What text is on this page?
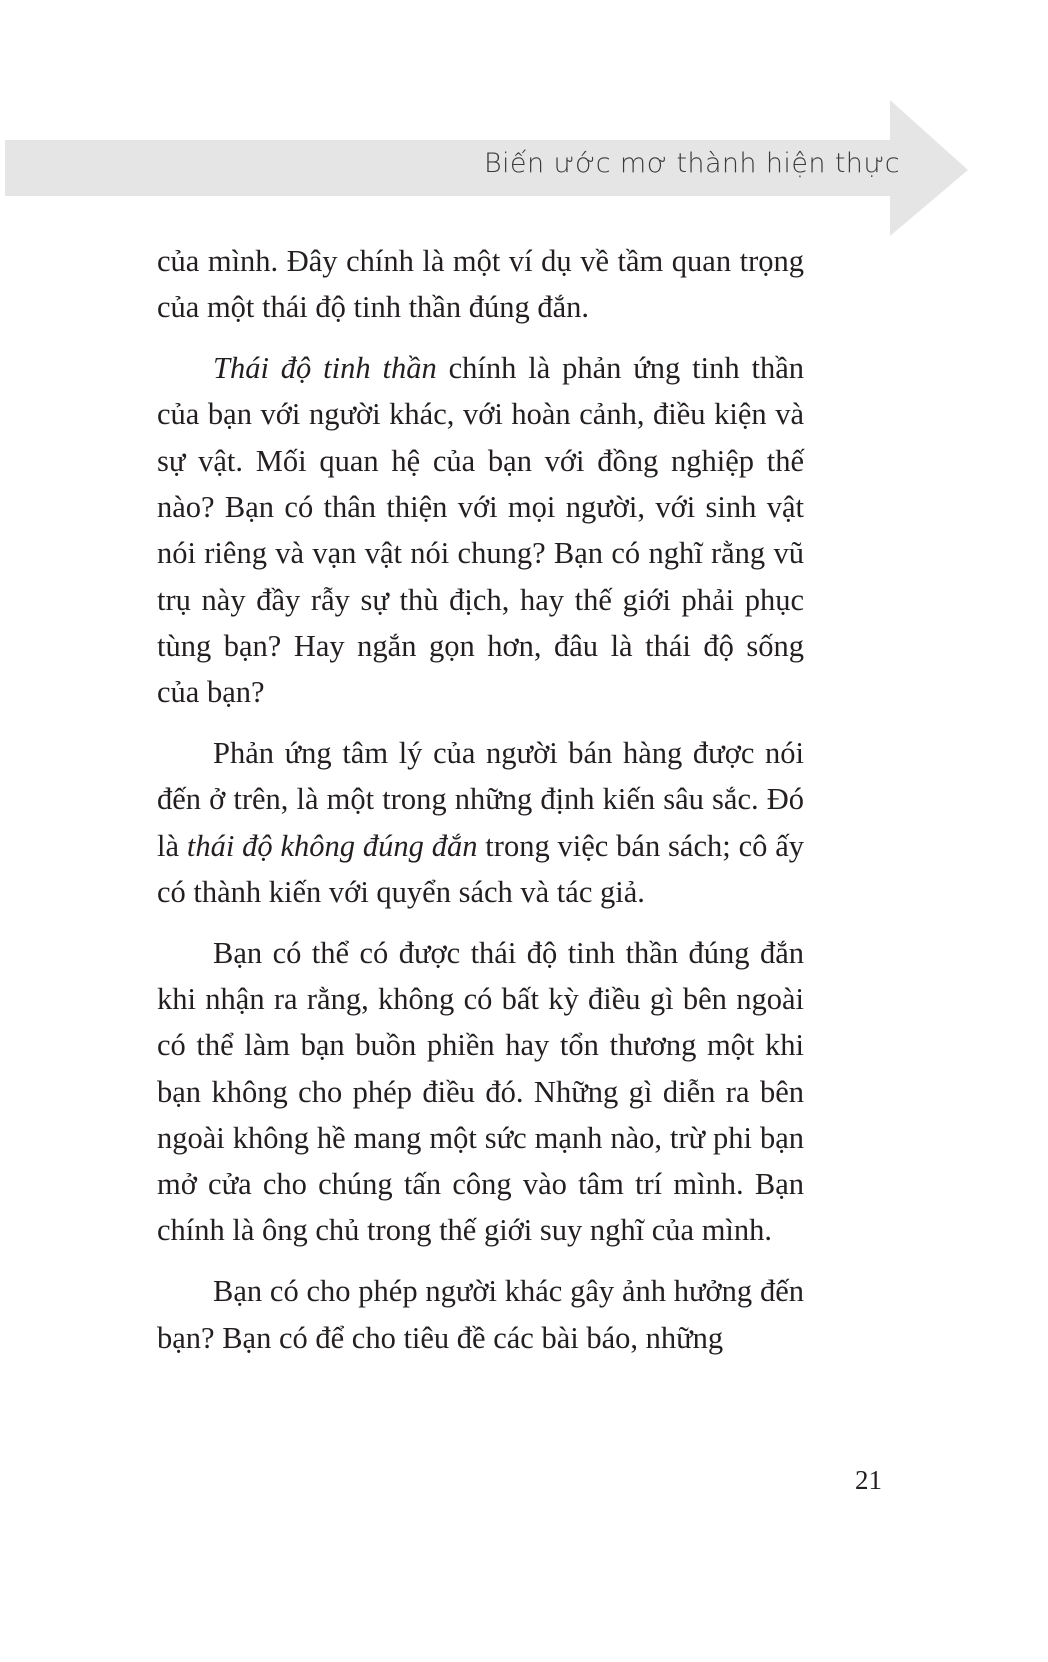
Biến ước mơ thành hiện thực

của mình. Đây chính là một ví dụ về tầm quan trọng của một thái độ tinh thần đúng đắn.

Thái độ tinh thần chính là phản ứng tinh thần của bạn với người khác, với hoàn cảnh, điều kiện và sự vật. Mối quan hệ của bạn với đồng nghiệp thế nào? Bạn có thân thiện với mọi người, với sinh vật nói riêng và vạn vật nói chung? Bạn có nghĩ rằng vũ trụ này đầy rẫy sự thù địch, hay thế giới phải phục tùng bạn? Hay ngắn gọn hơn, đâu là thái độ sống của bạn?

Phản ứng tâm lý của người bán hàng được nói đến ở trên, là một trong những định kiến sâu sắc. Đó là thái độ không đúng đắn trong việc bán sách; cô ấy có thành kiến với quyển sách và tác giả.

Bạn có thể có được thái độ tinh thần đúng đắn khi nhận ra rằng, không có bất kỳ điều gì bên ngoài có thể làm bạn buồn phiền hay tổn thương một khi bạn không cho phép điều đó. Những gì diễn ra bên ngoài không hề mang một sức mạnh nào, trừ phi bạn mở cửa cho chúng tấn công vào tâm trí mình. Bạn chính là ông chủ trong thế giới suy nghĩ của mình.

Bạn có cho phép người khác gây ảnh hưởng đến bạn? Bạn có để cho tiêu đề các bài báo, những

21
